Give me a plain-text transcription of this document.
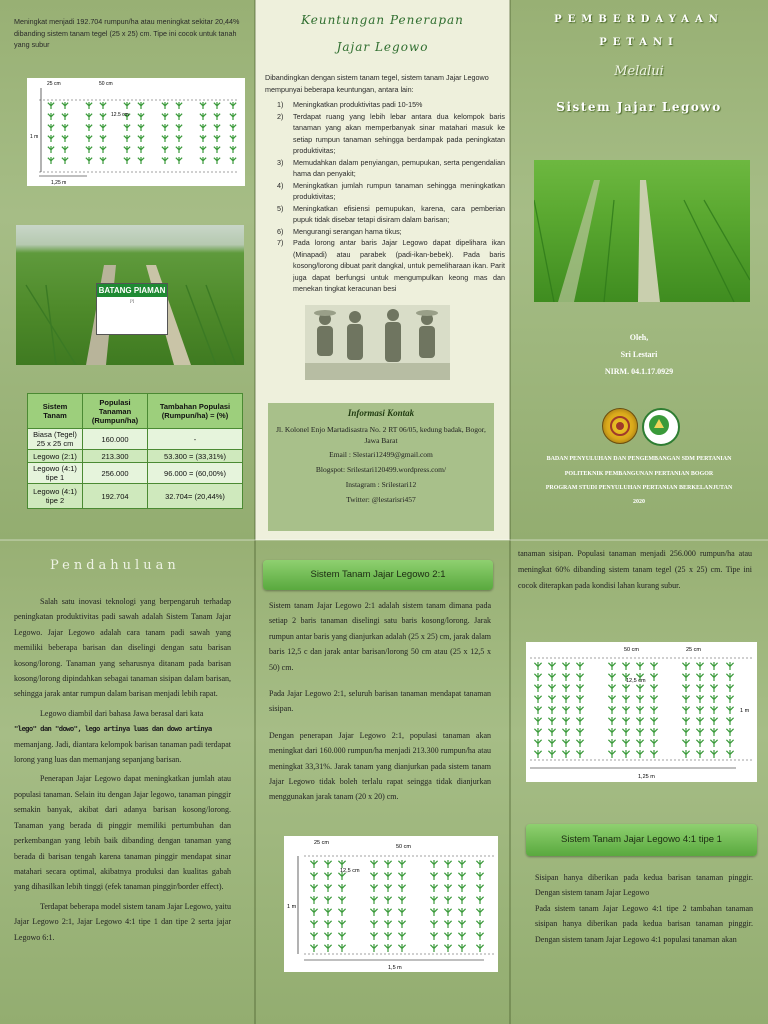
Meningkat menjadi 192.704 rumpun/ha atau meningkat sekitar 20,44% dibanding sistem tanam tegel (25 x 25) cm. Tipe ini cocok untuk tanah yang subur
25 cm	50 cm
12.5 cm
1,25 m
1 m
BATANG PIAMAN
[?]
Sistem Tanam	Populasi Tanaman (Rumpun/ha)	Tambahan Populasi (Rumpun/ha) = (%)
Biasa (Tegel) 25 x 25 cm	160.000	-
Legowo (2:1)	213.300	53.300 = (33,31%)
Legowo (4:1) tipe 1	256.000	96.000 = (60,00%)
Legowo (4:1) tipe 2	192.704	32.704= (20,44%)
Keuntungan Penerapan
Jajar Legowo
Dibandingkan dengan sistem tanam tegel, sistem tanam Jajar Legowo mempunyai beberapa keuntungan, antara lain:
1)	Meningkatkan produktivitas padi 10-15%
2)	Terdapat ruang yang lebih lebar antara dua kelompok baris tanaman yang akan memperbanyak sinar matahari masuk ke setiap rumpun tanaman sehingga berdampak pada peningkatan produktivitas;
3)	Memudahkan dalam penyiangan, pemupukan, serta pengendalian hama dan penyakit;
4)	Meningkatkan jumlah rumpun tanaman sehingga meningkatkan produktivitas;
5)	Meningkatkan efisiensi pemupukan, karena, cara pemberian pupuk tidak disebar tetapi disiram dalam barisan;
6)	Mengurangi serangan hama tikus;
7)	Pada lorong antar baris Jajar Legowo dapat dipelihara ikan (Minapadi) atau parabek (padi-ikan-bebek). Pada baris kosong/lorong dibuat parit dangkal, untuk pemeliharaan ikan. Parit juga dapat berfungsi untuk mengumpulkan keong mas dan menekan tingkat keracunan besi
Informasi Kontak
Jl. Kolonel Enjo Martadisastra No. 2 RT 06/05, kedung badak, Bogor, Jawa Barat
Email : Slestari12499@gmail.com
Blogspot: Srilestari120499.wordpress.com/
Instagram : Srilestari12
Twitter: @lestarisri457
PEMBERDAYAAN
PETANI
Melalui
Sistem Jajar Legowo
Oleh,
Sri Lestari
NIRM. 04.1.17.0929
BADAN PENYULUHAN DAN PENGEMBANGAN SDM PERTANIAN
POLITEKNIK PEMBANGUNAN PERTANIAN BOGOR
PROGRAM STUDI PENYULUHAN PERTANIAN BERKELANJUTAN
2020
Pendahuluan
Salah satu inovasi teknologi yang berpengaruh terhadap peningkatan produktivitas padi sawah adalah Sistem Tanam Jajar Legowo. Jajar Legowo adalah cara tanam padi sawah yang memiliki beberapa barisan dan diselingi dengan satu barisan kosong/lorong. Tanaman yang seharusnya ditanam pada barisan kosong/lorong dipindahkan sebagai tanaman sisipan dalam barisan, sehingga jarak antar rumpun dalam barisan menjadi lebih rapat.
Legowo diambil dari bahasa Jawa berasal dari kata
"lego" dan "dowo", lego artinya luas dan dowo artinya
memanjang. Jadi, diantara kelompok barisan tanaman padi terdapat lorong yang luas dan memanjang sepanjang barisan.
Penerapan Jajar Legowo dapat meningkatkan jumlah atau populasi tanaman. Selain itu dengan Jajar legowo, tanaman pinggir semakin banyak, akibat dari adanya barisan kosong/lorong. Tanaman yang berada di pinggir memiliki pertumbuhan dan perkembangan yang lebih baik dibanding dengan tanaman yang berada di barisan tengah karena tanaman pinggir mendapat sinar matahari secara optimal, akibatnya produksi dan kualitas gabah yang dihasilkan lebih tinggi (efek tanaman pinggir/border effect).
Terdapat beberapa model sistem tanam Jajar Legowo, yaitu Jajar Legowo 2:1, Jajar Legowo 4:1 tipe 1 dan tipe 2 serta jajar Legowo 6:1.
Sistem Tanam Jajar Legowo 2:1
Sistem tanam Jajar Legowo 2:1 adalah sistem tanam dimana pada setiap 2 baris tanaman diselingi satu baris kosong/lorong. Jarak rumpun antar baris yang dianjurkan adalah (25 x 25) cm, jarak dalam baris 12,5 c dan jarak antar barisan/lorong 50 cm atau (25 x 12,5 x 50) cm.
Pada Jajar Legowo 2:1, seluruh barisan tanaman mendapat tanaman sisipan.
Dengan penerapan Jajar Legowo 2:1, populasi tanaman akan meningkat dari 160.000 rumpun/ha menjadi 213.300 rumpun/ha atau meningkat 33,31%. Jarak tanam yang dianjurkan pada sistem tanam Jajar Legowo tidak boleh terlalu rapat seingga tidak dianjurkan menggunakan jarak tanam (20 x 20) cm.
25 cm
50 cm
12,5 cm
1,5 m
1 m
tanaman sisipan. Populasi tanaman menjadi 256.000 rumpun/ha atau meningkat 60% dibanding sistem tanam tegel (25 x 25) cm. Tipe ini cocok diterapkan pada kondisi lahan kurang subur.
50 cm	25 cm
12,5 cm
1,25 m
1 m
Sistem Tanam Jajar Legowo 4:1 tipe 1
Sisipan hanya diberikan pada kedua barisan tanaman pinggir. Dengan sistem tanam Jajar Legowo
Pada sistem tanam Jajar Legowo 4:1 tipe 2 tambahan tanaman sisipan hanya diberikan pada kedua barisan tanaman pinggir. Dengan sistem tanam Jajar Legowo 4:1 populasi tanaman akan
